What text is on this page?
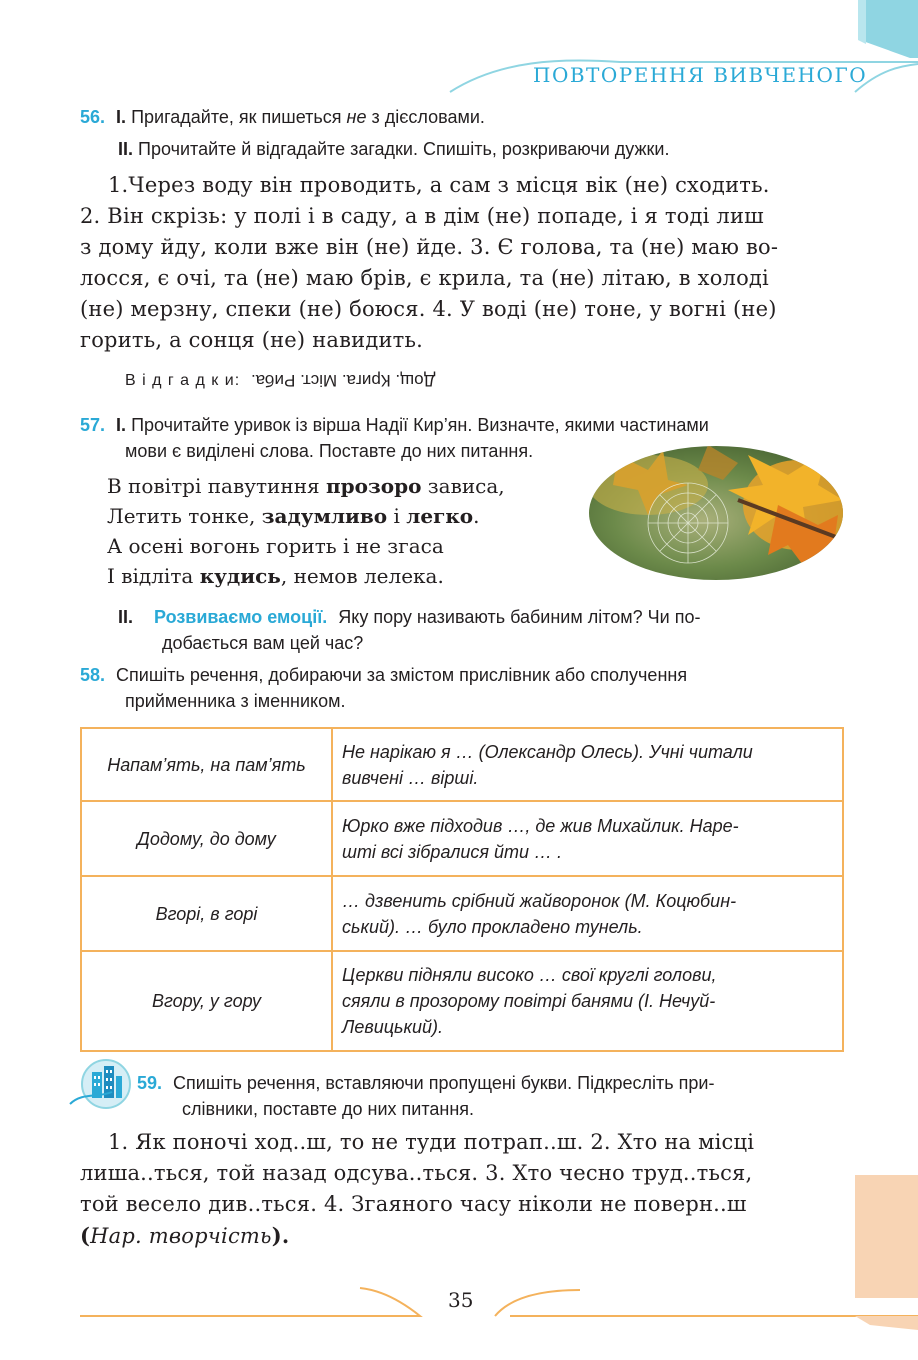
ПОВТОРЕННЯ ВИВЧЕНОГО
56. I. Пригадайте, як пишеться не з дієсловами.
II. Прочитайте й відгадайте загадки. Спишіть, розкриваючи дужки.
1.Через воду він проводить, а сам з місця вік (не) сходить.
2. Він скрізь: у полі і в саду, а в дім (не) попаде, і я тоді лиш
з дому йду, коли вже він (не) йде. 3. Є голова, та (не) маю во-
лосся, є очі, та (не) маю брів, є крила, та (не) літаю, в холоді
(не) мерзну, спеки (не) боюся. 4. У воді (не) тоне, у вогні (не)
горить, а сонця (не) навидить.
В і д г а д к и: Дощ. Крига. Міст. Риба.
57. I. Прочитайте уривок із вірша Надії Кир’ян. Визначте, якими частинами
мови є виділені слова. Поставте до них питання.
В повітрі павутиння прозоро зависа,
Летить тонке, задумливо і легко.
А осені вогонь горить і не згаса
І відліта кудись, немов лелека.
II. Розвиваємо емоції. Яку пору називають бабиним літом? Чи по-
добається вам цей час?
58. Спишіть речення, добираючи за змістом прислівник або сполучення
прийменника з іменником.
Напам’ять, на пам’ять	Не нарікаю я … (Олександр Олесь). Учні читали
вивчені … вірші.

Додому, до дому	Юрко вже підходив …, де жив Михайлик. Наре-
шті всі зібралися йти … .

Вгорі, в горі	… дзвенить срібний жайворонок (М. Коцюбин-
ський). … було прокладено тунель.

Вгору, у гору	Церкви підняли високо … свої круглі голови,
сяяли в прозорому повітрі банями (І. Нечуй-
Левицький).
59. Спишіть речення, вставляючи пропущені букви. Підкресліть при-
слівники, поставте до них питання.
1. Як поночі ход..ш, то не туди потрап..ш. 2. Хто на місці
лиша..ться, той назад одсува..ться. 3. Хто чесно труд..ться,
той весело див..ться. 4. Згаяного часу ніколи не поверн..ш
(Нар. творчість).
35
